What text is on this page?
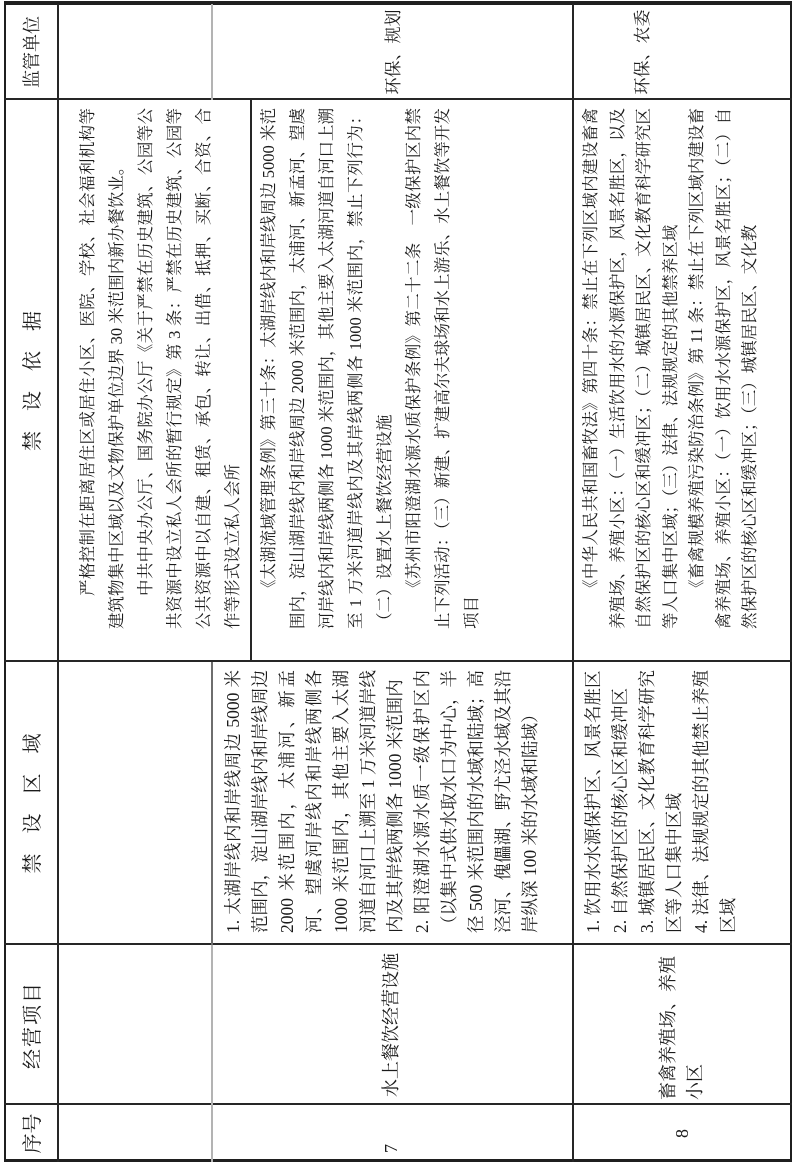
序号
经营项目
禁　设　区　域
禁　设　依　据
监管单位

严格控制在距离居住区或居住小区、医院、学校、社会福利机构等建筑物集中区域以及文物保护单位边界 30 米范围内新办餐饮业。 中共中央办公厅、国务院办公厅《关于严禁在历史建筑、公园等公共资源中设立私人会所的暂行规定》第 3 条：严禁在历史建筑、公园等公共资源中以自建、租赁、承包、转让、出借、抵押、买断、合资、合作等形式设立私人会所

7
水上餐饮经营设施

1. 太湖岸线内和岸线周边 5000 米范围内，淀山湖岸线内和岸线周边 2000 米范围内，太浦河、新孟河、望虞河岸线内和岸线两侧各 1000 米范围内，其他主要入太湖河道自河口上溯至 1 万米河道岸线内及其岸线两侧各 1000 米范围内 2. 阳澄湖水源水质一级保护区内（以集中式供水取水口为中心，半径 500 米范围内的水域和陆域；高泾河、傀儡湖、野尤泾水域及其沿岸纵深 100 米的水域和陆域）

《太湖流域管理条例》第三十条：太湖岸线内和岸线周边 5000 米范围内，淀山湖岸线内和岸线周边 2000 米范围内，太浦河、新孟河、望虞河岸线内和岸线两侧各 1000 米范围内，其他主要入太湖河道自河口上溯至 1 万米河道岸线内及其岸线两侧各 1000 米范围内，禁止下列行为：（二）设置水上餐饮经营设施 《苏州市阳澄湖水源水质保护条例》第二十二条　一级保护区内禁止下列活动：（三）新建、扩建高尔夫球场和水上游乐、水上餐饮等开发项目

环保、规划
8
畜禽养殖场、养殖小区

1. 饮用水水源保护区、风景名胜区 2. 自然保护区的核心区和缓冲区 3. 城镇居民区、文化教育科学研究区等人口集中区域 4. 法律、法规规定的其他禁止养殖区域

《中华人民共和国畜牧法》第四十条：禁止在下列区域内建设畜禽养殖场、养殖小区：（一）生活饮用水的水源保护区，风景名胜区，以及自然保护区的核心区和缓冲区；（二）城镇居民区、文化教育科学研究区等人口集中区域；（三）法律、法规规定的其他禁养区域 《畜禽规模养殖污染防治条例》第 11 条：禁止在下列区域内建设畜禽养殖场、养殖小区：（一）饮用水水源保护区，风景名胜区；（二）自然保护区的核心区和缓冲区；（三）城镇居民区、文化教

环保、农委
